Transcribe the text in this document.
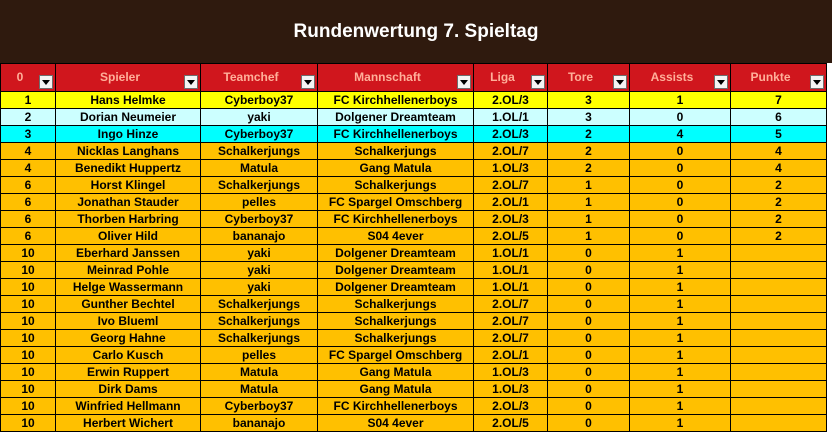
Rundenwertung 7. Spieltag
0	Spieler	Teamchef	Mannschaft	Liga	Tore	Assists	Punkte

1	Hans Helmke	Cyberboy37	FC Kirchhellenerboys	2.OL/3	3	1	7
2	Dorian Neumeier	yaki	Dolgener Dreamteam	1.OL/1	3	0	6
3	Ingo Hinze	Cyberboy37	FC Kirchhellenerboys	2.OL/3	2	4	5
4	Nicklas Langhans	Schalkerjungs	Schalkerjungs	2.OL/7	2	0	4
4	Benedikt Huppertz	Matula	Gang Matula	1.OL/3	2	0	4
6	Horst Klingel	Schalkerjungs	Schalkerjungs	2.OL/7	1	0	2
6	Jonathan Stauder	pelles	FC Spargel Omschberg	2.OL/1	1	0	2
6	Thorben Harbring	Cyberboy37	FC Kirchhellenerboys	2.OL/3	1	0	2
6	Oliver Hild	bananajo	S04 4ever	2.OL/5	1	0	2
10	Eberhard Janssen	yaki	Dolgener Dreamteam	1.OL/1	0	1	
10	Meinrad Pohle	yaki	Dolgener Dreamteam	1.OL/1	0	1	
10	Helge Wassermann	yaki	Dolgener Dreamteam	1.OL/1	0	1	
10	Gunther Bechtel	Schalkerjungs	Schalkerjungs	2.OL/7	0	1	
10	Ivo Blueml	Schalkerjungs	Schalkerjungs	2.OL/7	0	1	
10	Georg Hahne	Schalkerjungs	Schalkerjungs	2.OL/7	0	1	
10	Carlo Kusch	pelles	FC Spargel Omschberg	2.OL/1	0	1	
10	Erwin Ruppert	Matula	Gang Matula	1.OL/3	0	1	
10	Dirk Dams	Matula	Gang Matula	1.OL/3	0	1	
10	Winfried Hellmann	Cyberboy37	FC Kirchhellenerboys	2.OL/3	0	1	
10	Herbert Wichert	bananajo	S04 4ever	2.OL/5	0	1	
